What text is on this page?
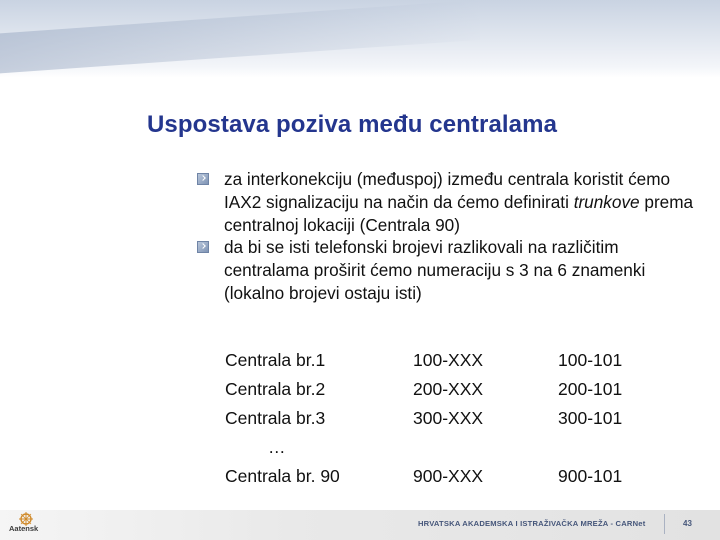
Uspostava poziva među centralama
za interkonekciju (međuspoj) između centrala koristit ćemo IAX2 signalizaciju na način da ćemo definirati trunkove prema centralnoj lokaciji (Centrala 90)
da bi se isti telefonski brojevi razlikovali na različitim centralama proširit ćemo numeraciju s 3 na 6 znamenki (lokalno brojevi ostaju isti)
Centrala br.1	100-XXX	100-101
Centrala br.2	200-XXX	200-101
Centrala br.3	300-XXX	300-101
…
Centrala br. 90	900-XXX	900-101
Aatensk
HRVATSKA AKADEMSKA I ISTRAŽIVAČKA MREŽA - CARNet	43
